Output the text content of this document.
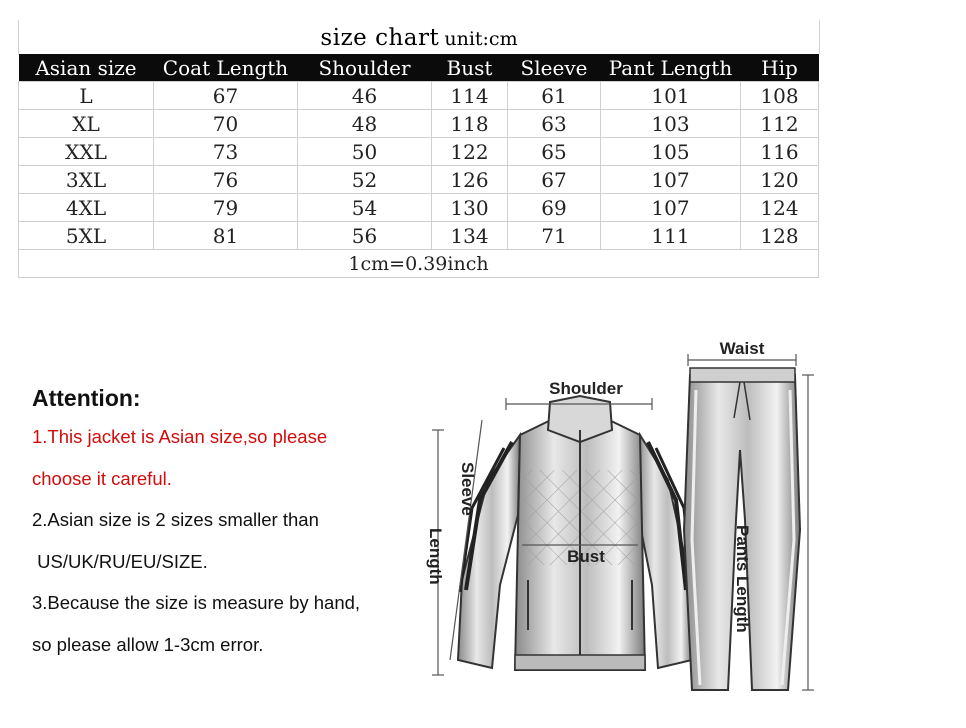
size chart unit:cm
Asian size	Coat Length	Shoulder	Bust	Sleeve	Pant Length	Hip
L	67	46	114	61	101	108
XL	70	48	118	63	103	112
XXL	73	50	122	65	105	116
3XL	76	52	126	67	107	120
4XL	79	54	130	69	107	124
5XL	81	56	134	71	111	128
1cm=0.39inch						
Attention:
1.This jacket is Asian size,so please
choose it careful.
2.Asian size is 2 sizes smaller than
US/UK/RU/EU/SIZE.
3.Because the size is measure by hand,
so please allow 1-3cm error.
Waist
Shoulder
Sleeve
Length	Bust	Pants Length
